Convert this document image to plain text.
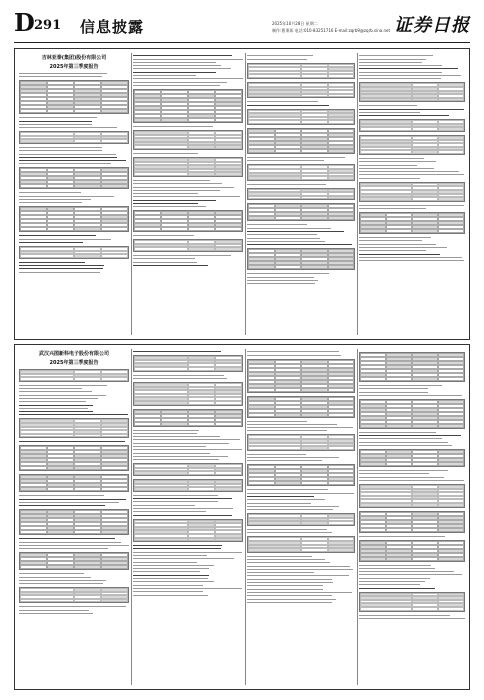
D 291 信息披露	2025年10月28日 星期二
制作:曹秉琛 电话:010-83251716 E-mail:zqrb9@zqrb.sina.net 证券日报
吉林亚泰(集团)股份有限公司
2025年第三季度报告
武汉兴图新科电子股份有限公司
2025年第三季度报告
